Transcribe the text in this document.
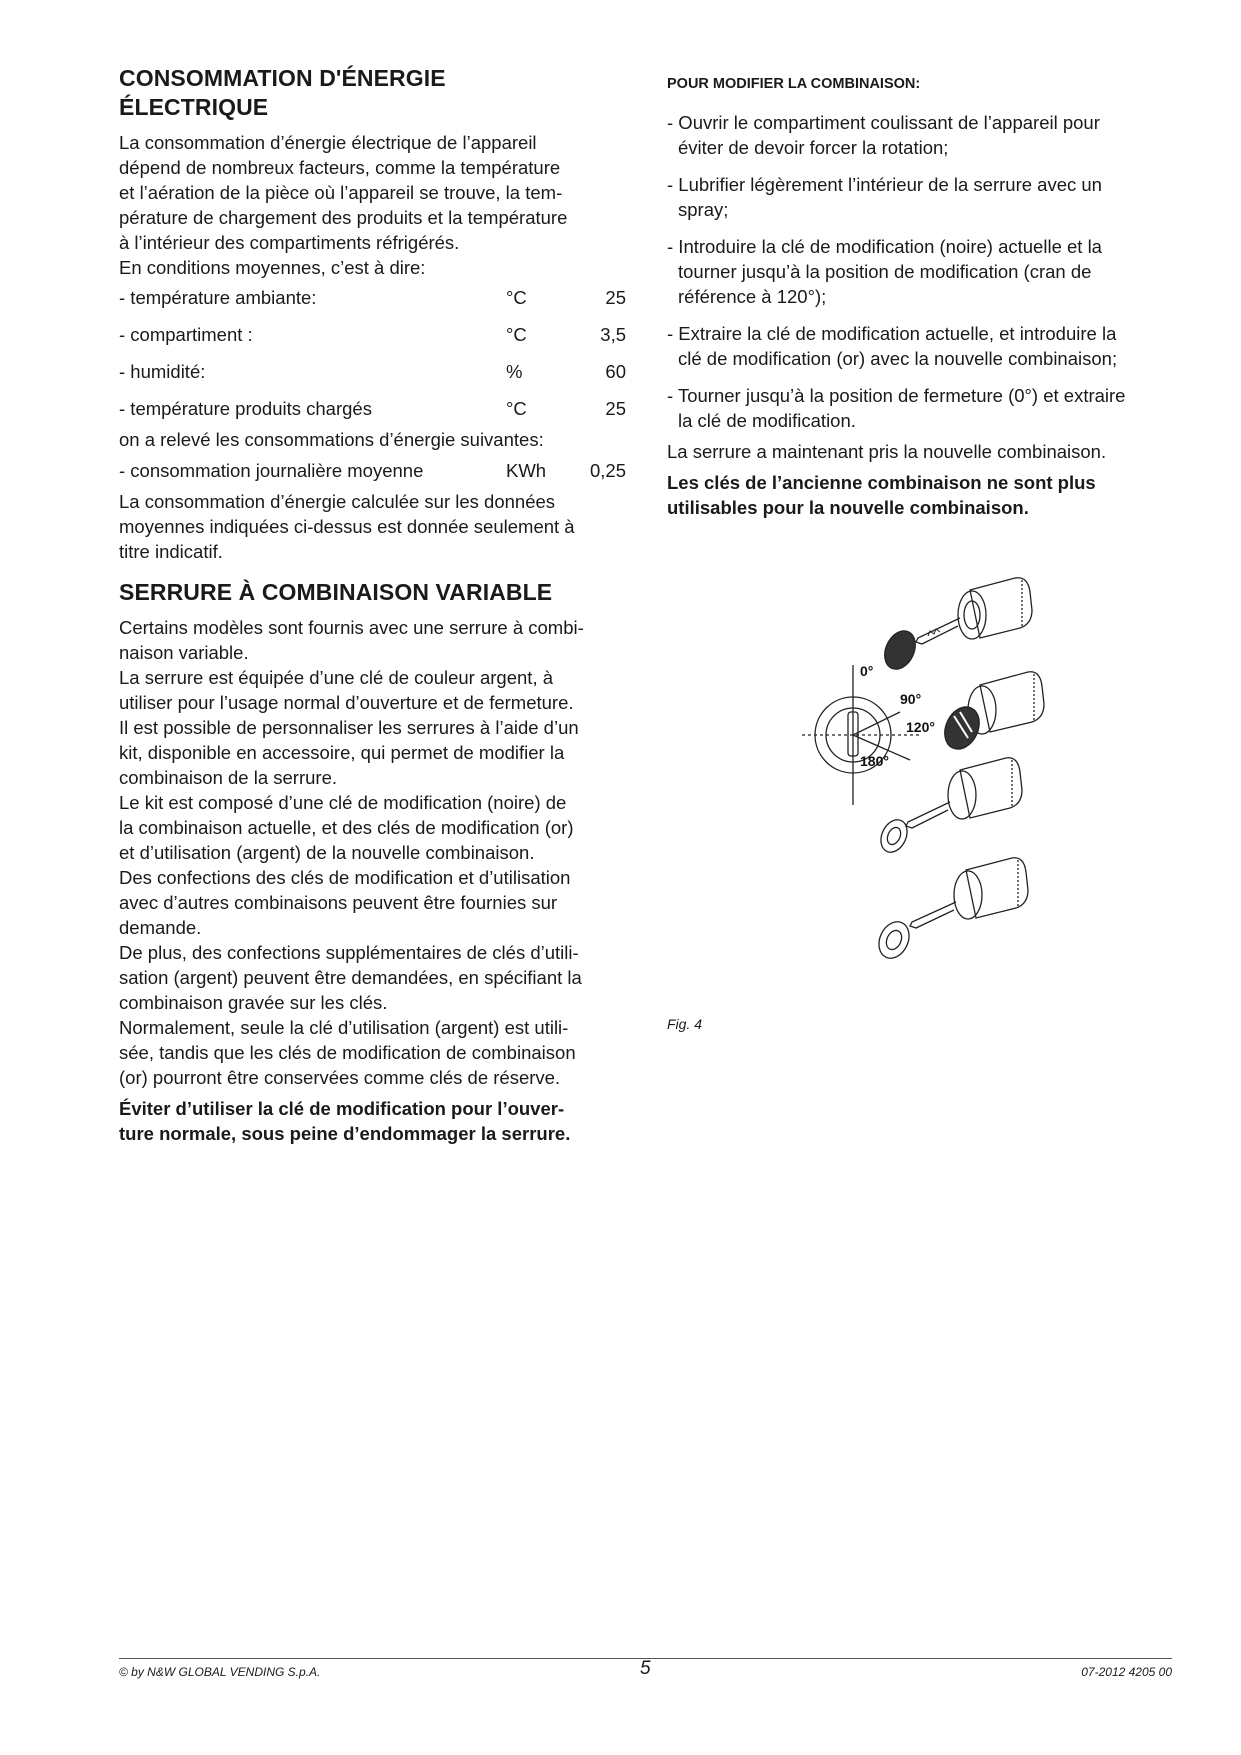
CONSOMMATION D'ÉNERGIE
ÉLECTRIQUE

La consommation d’énergie électrique de l’appareil

dépend de nombreux facteurs, comme la température

et l’aération de la pièce où l’appareil se trouve, la tem-

pérature de chargement des produits et la température

à l’intérieur des compartiments réfrigérés.

En conditions moyennes, c’est à dire:

- température ambiante:	°C	25
- compartiment :	°C	3,5
- humidité:	%	60
- température produits chargés	°C	25

on a relevé les consommations d’énergie suivantes:

- consommation journalière moyenne	KWh	0,25

La consommation d’énergie calculée sur les données

moyennes indiquées ci-dessus est donnée seulement à

titre indicatif.

SERRURE À COMBINAISON VARIABLE

Certains modèles sont fournis avec une serrure à combi-

naison variable.

La serrure est équipée d’une clé de couleur argent, à

utiliser pour l’usage normal d’ouverture et de fermeture.

Il est possible de personnaliser les serrures à l’aide d’un

kit, disponible en accessoire, qui permet de modifier la

combinaison de la serrure.

Le kit est composé d’une clé de modification (noire) de

la combinaison actuelle, et des clés de modification (or)

et d’utilisation (argent) de la nouvelle combinaison.

Des confections des clés de modification et d’utilisation

avec d’autres combinaisons peuvent être fournies sur

demande.

De plus, des confections supplémentaires de clés d’utili-

sation (argent) peuvent être demandées, en spécifiant la

combinaison gravée sur les clés.

Normalement, seule la clé d’utilisation (argent) est utili-

sée, tandis que les clés de modification de combinaison

(or) pourront être conservées comme clés de réserve.

Éviter d’utiliser la clé de modification pour l’ouver-

ture normale, sous peine d’endommager la serrure.

POUR MODIFIER LA COMBINAISON:
- Ouvrir le compartiment coulissant de l’appareil pour
éviter de devoir forcer la rotation;
- Lubrifier légèrement l’intérieur de la serrure avec un
spray;
- Introduire la clé de modification (noire) actuelle et la
tourner jusqu’à la position de modification (cran de
référence à 120°);
- Extraire la clé de modification actuelle, et introduire la
clé de modification (or) avec la nouvelle combinaison;
- Tourner jusqu’à la position de fermeture (0°) et extraire
la clé de modification.

La serrure a maintenant pris la nouvelle combinaison.

Les clés de l’ancienne combinaison ne sont plus

utilisables pour la nouvelle combinaison.

0°
90°
120°
180°
Fig. 4
© by N&W GLOBAL VENDING S.p.A.	5	07-2012 4205 00
